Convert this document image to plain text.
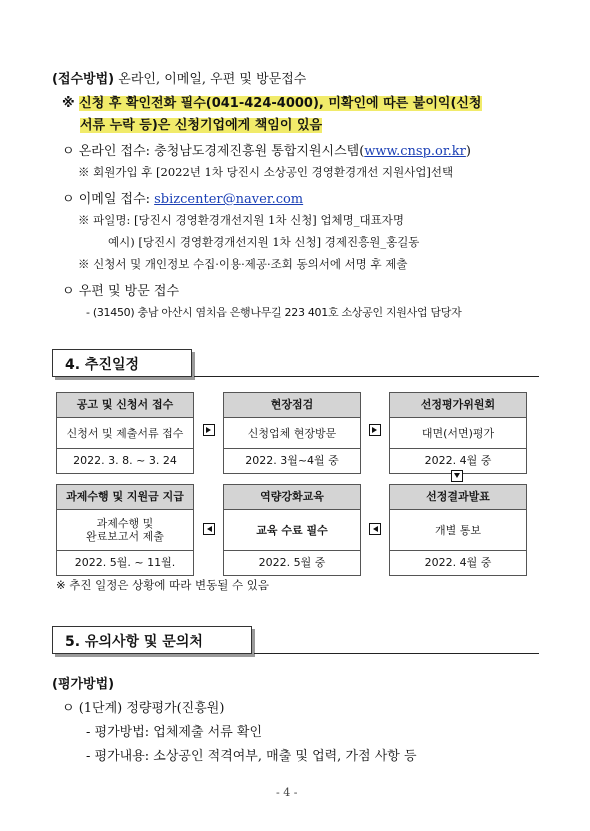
(접수방법) 온라인, 이메일, 우편 및 방문접수
※ 신청 후 확인전화 필수(041-424-4000), 미확인에 따른 불이익(신청
서류 누락 등)은 신청기업에게 책임이 있음
ㅇ 온라인 접수: 충청남도경제진흥원 통합지원시스템(www.cnsp.or.kr)
※ 회원가입 후 [2022년 1차 당진시 소상공인 경영환경개선 지원사업]선택
ㅇ 이메일 접수: sbizcenter@naver.com
※ 파일명: [당진시 경영환경개선지원 1차 신청] 업체명_대표자명
예시) [당진시 경영환경개선지원 1차 신청] 경제진흥원_홍길동
※ 신청서 및 개인정보 수집·이용·제공·조회 동의서에 서명 후 제출
ㅇ 우편 및 방문 접수
- (31450) 충남 아산시 염치읍 은행나무길 223 401호 소상공인 지원사업 담당자
4. 추진일정
공고 및 신청서 접수
신청서 및 제출서류 접수
2022. 3. 8. ~ 3. 24
현장점검
신청업체 현장방문
2022. 3월~4월 중
선정평가위원회
대면(서면)평가
2022. 4월 중
과제수행 및 지원금 지급
과제수행 및
완료보고서 제출
2022. 5월. ~ 11월.
역량강화교육
교육 수료 필수
2022. 5월 중
선정결과발표
개별 통보
2022. 4월 중
※ 추진 일정은 상황에 따라 변동될 수 있음
5. 유의사항 및 문의처
(평가방법)
ㅇ (1단계) 정량평가(진흥원)
- 평가방법: 업체제출 서류 확인
- 평가내용: 소상공인 적격여부, 매출 및 업력, 가점 사항 등
- 4 -
